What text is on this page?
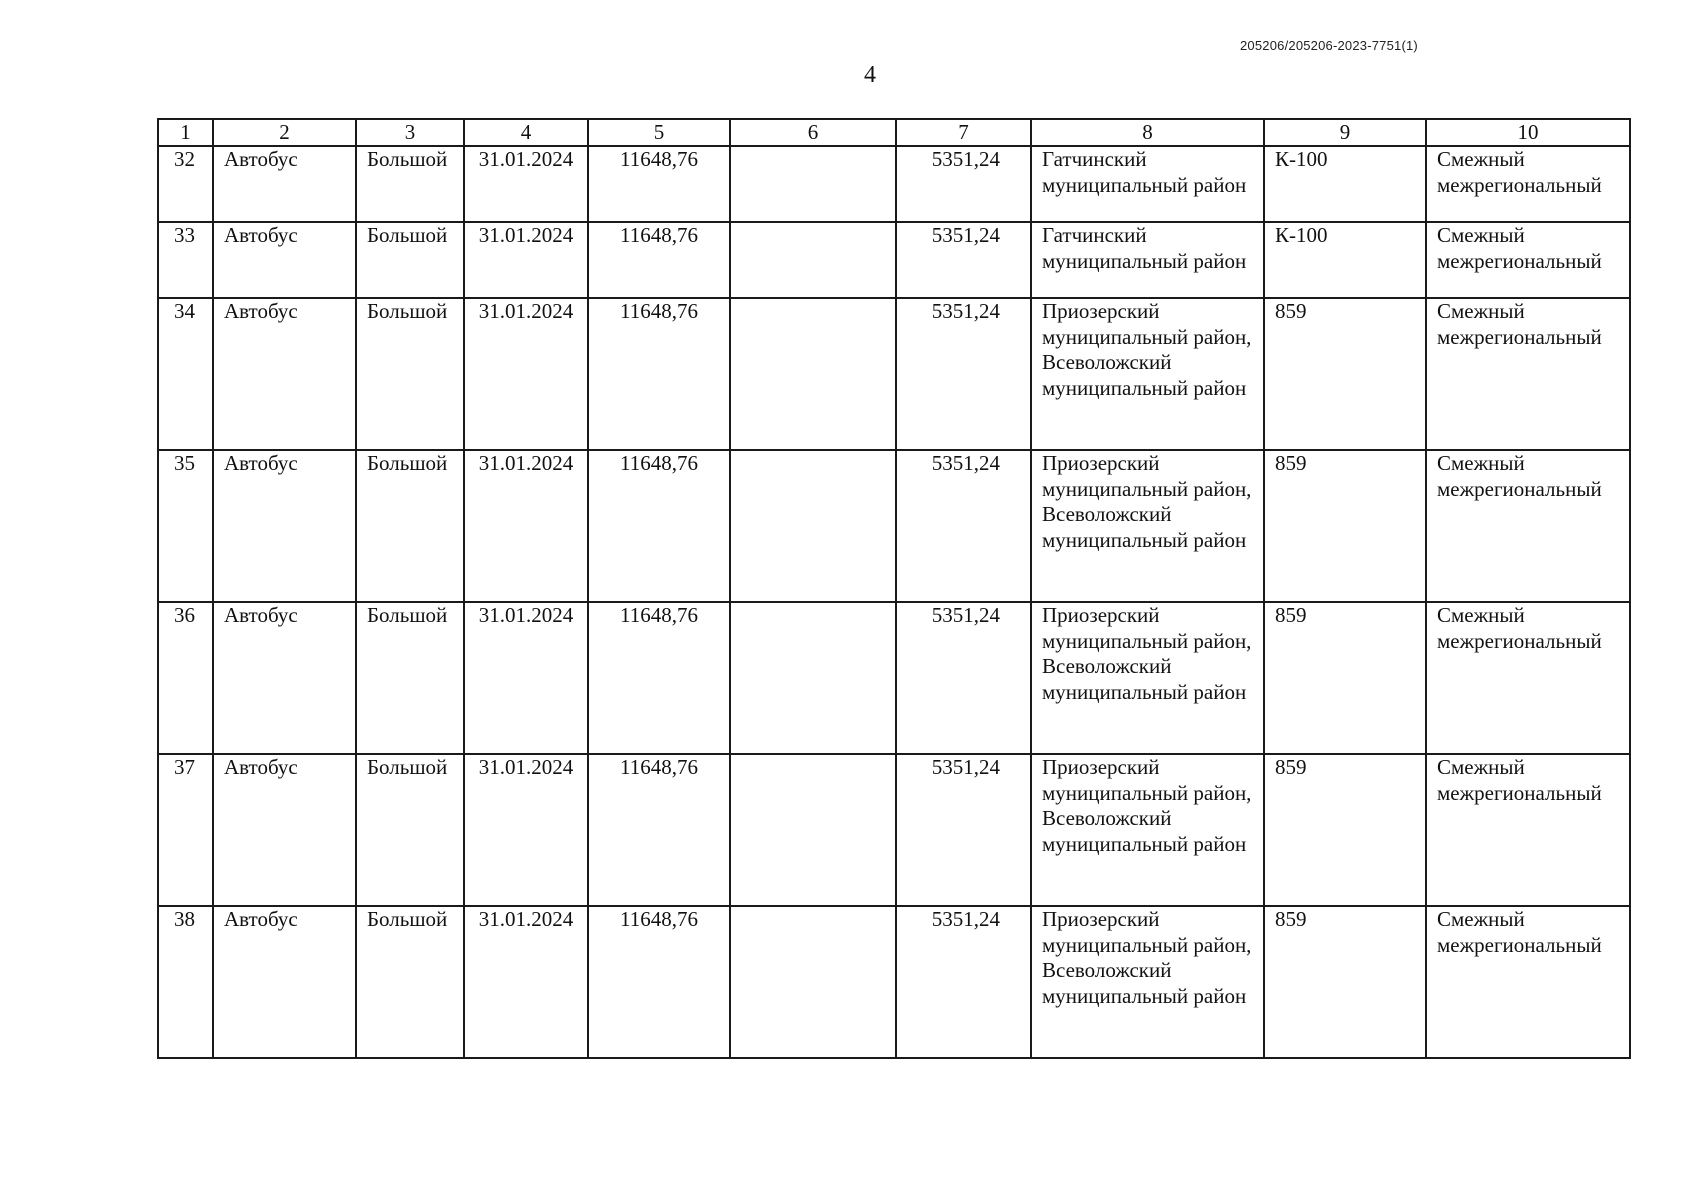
205206/205206-2023-7751(1)
4
1	2	3	4	5	6	7	8	9	10
32	Автобус	Большой	31.01.2024	11648,76		5351,24	Гатчинский муниципальный район	К-100	Смежный межрегиональный
33	Автобус	Большой	31.01.2024	11648,76		5351,24	Гатчинский муниципальный район	К-100	Смежный межрегиональный
34	Автобус	Большой	31.01.2024	11648,76		5351,24	Приозерский муниципальный район, Всеволожский муниципальный район	859	Смежный межрегиональный
35	Автобус	Большой	31.01.2024	11648,76		5351,24	Приозерский муниципальный район, Всеволожский муниципальный район	859	Смежный межрегиональный
36	Автобус	Большой	31.01.2024	11648,76		5351,24	Приозерский муниципальный район, Всеволожский муниципальный район	859	Смежный межрегиональный
37	Автобус	Большой	31.01.2024	11648,76		5351,24	Приозерский муниципальный район, Всеволожский муниципальный район	859	Смежный межрегиональный
38	Автобус	Большой	31.01.2024	11648,76		5351,24	Приозерский муниципальный район, Всеволожский муниципальный район	859	Смежный межрегиональный
